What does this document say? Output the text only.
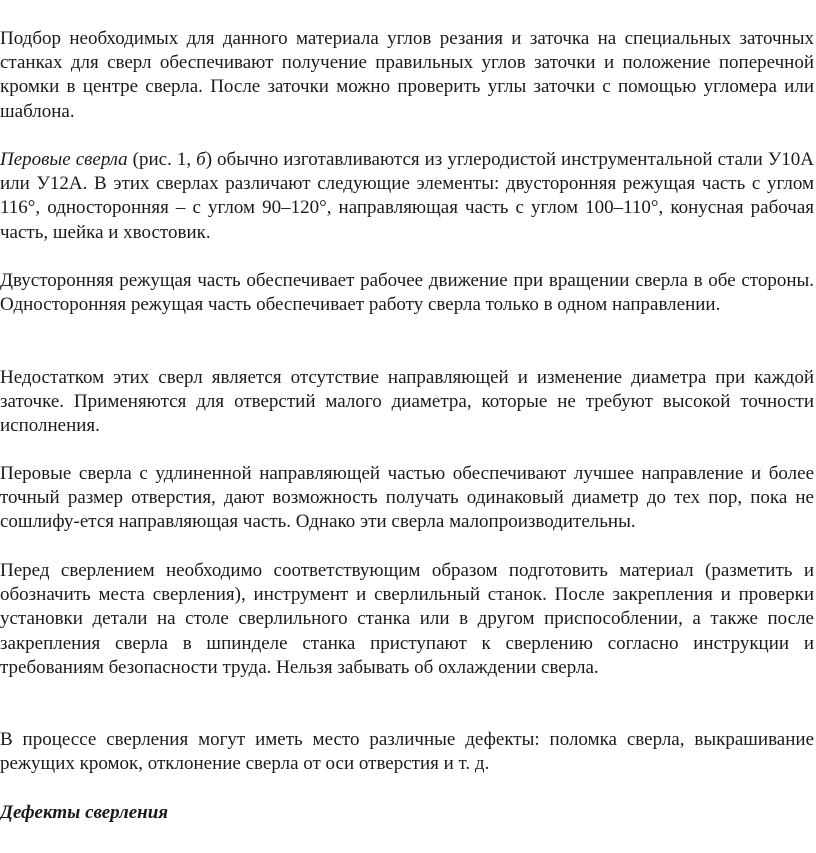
Подбор необходимых для данного материала углов резания и заточка на специальных заточных станках для сверл обеспечивают получение правильных углов заточки и положение поперечной кромки в центре сверла. После заточки можно проверить углы заточки с помощью угломера или шаблона.

Перовые сверла (рис. 1, б) обычно изготавливаются из углеродистой инструментальной стали У10А или У12А. В этих сверлах различают следующие элементы: двусторонняя режущая часть с углом 116°, односторонняя – с углом 90–120°, направляющая часть с углом 100–110°, конусная рабочая часть, шейка и хвостовик.

Двусторонняя режущая часть обеспечивает рабочее движение при вращении сверла в обе стороны. Односторонняя режущая часть обеспечивает работу сверла только в одном направлении.

Недостатком этих сверл является отсутствие направляющей и изменение диаметра при каждой заточке. Применяются для отверстий малого диаметра, которые не требуют высокой точности исполнения.

Перовые сверла с удлиненной направляющей частью обеспечивают лучшее направление и более точный размер отверстия, дают возможность получать одинаковый диаметр до тех пор, пока не сошлифу-ется направляющая часть. Однако эти сверла малопроизводительны.

Перед сверлением необходимо соответствующим образом подготовить материал (разметить и обозначить места сверления), инструмент и сверлильный станок. После закрепления и проверки установки детали на столе сверлильного станка или в другом приспособлении, а также после закрепления сверла в шпинделе станка приступают к сверлению согласно инструкции и требованиям безопасности труда. Нельзя забывать об охлаждении сверла.

В процессе сверления могут иметь место различные дефекты: поломка сверла, выкрашивание режущих кромок, отклонение сверла от оси отверстия и т. д.

Дефекты сверления
